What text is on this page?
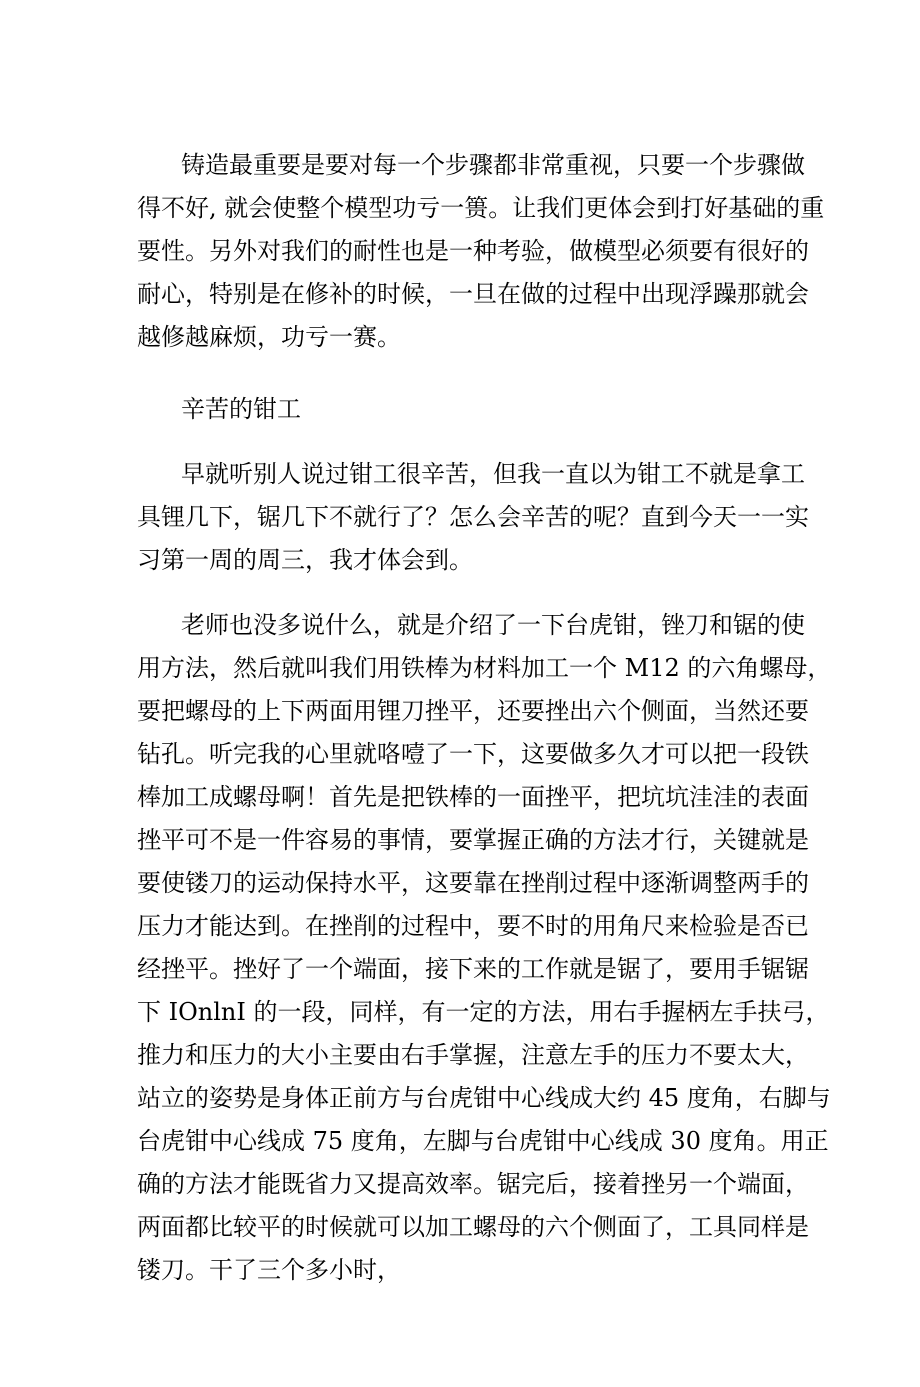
铸造最重要是要对每一个步骤都非常重视，只要一个步骤做
得不好, 就会使整个模型功亏一篑。让我们更体会到打好基础的重
要性。另外对我们的耐性也是一种考验，做模型必须要有很好的
耐心，特别是在修补的时候，一旦在做的过程中出现浮躁那就会
越修越麻烦，功亏一赛。
辛苦的钳工
早就听别人说过钳工很辛苦，但我一直以为钳工不就是拿工
具锂几下，锯几下不就行了？怎么会辛苦的呢？直到今天一一实
习第一周的周三，我才体会到。
老师也没多说什么，就是介绍了一下台虎钳，锉刀和锯的使
用方法，然后就叫我们用铁棒为材料加工一个 M12 的六角螺母，
要把螺母的上下两面用锂刀挫平，还要挫出六个侧面，当然还要
钻孔。听完我的心里就咯噎了一下，这要做多久才可以把一段铁
棒加工成螺母啊！首先是把铁棒的一面挫平，把坑坑洼洼的表面
挫平可不是一件容易的事情，要掌握正确的方法才行，关键就是
要使镂刀的运动保持水平，这要靠在挫削过程中逐渐调整两手的
压力才能达到。在挫削的过程中，要不时的用角尺来检验是否已
经挫平。挫好了一个端面，接下来的工作就是锯了，要用手锯锯
下 IOnlnI 的一段，同样，有一定的方法，用右手握柄左手扶弓，
推力和压力的大小主要由右手掌握，注意左手的压力不要太大，
站立的姿势是身体正前方与台虎钳中心线成大约 45 度角，右脚与
台虎钳中心线成 75 度角，左脚与台虎钳中心线成 30 度角。用正
确的方法才能既省力又提高效率。锯完后，接着挫另一个端面，
两面都比较平的时候就可以加工螺母的六个侧面了，工具同样是
镂刀。干了三个多小时，	老师也没多说什么，就是介绍了一下台虎钳，锉刀和锯的使用方法，然后就叫我们用铁棒为材料加工一个 M12 的六角螺母，要把螺母的上下两面用锂刀挫平，还要挫出六个侧面，当然还要钻孔。听完我的心里就咯噎了一下，这要做多久才可以把一段铁棒加工成螺母啊！首先是把铁棒的一面挫平，把坑坑洼洼的表面挫平可不是一件容易的事情，要掌握正确的方法才行，关键就是要使镂刀的运动保持水平，这要靠在挫削过程中逐渐调整两手的压力才能达到。在挫削的过程中，要不时的用角尺来检验是否已经挫平。挫好了一个端面，接下来的工作就是锯了，要用手锯锯下 IOnlnI 的一段，同样，有一定的方法，用右手握柄左手扶弓，推力和压力的大小主要由右手掌握，注意左手的压力不要太大，站立的姿势是身体正前方与台虎钳中心线成大约 45 度角，右脚与台虎钳中心线成 75 度角，左脚与台虎钳中心线成 30 度角。用正确的方法才能既省力又提高效率。锯完后，接着挫另一个端面，两面都比较平的时候就可以加工螺母的六个侧面了，工具同样是镂刀。干了三个多小时，
